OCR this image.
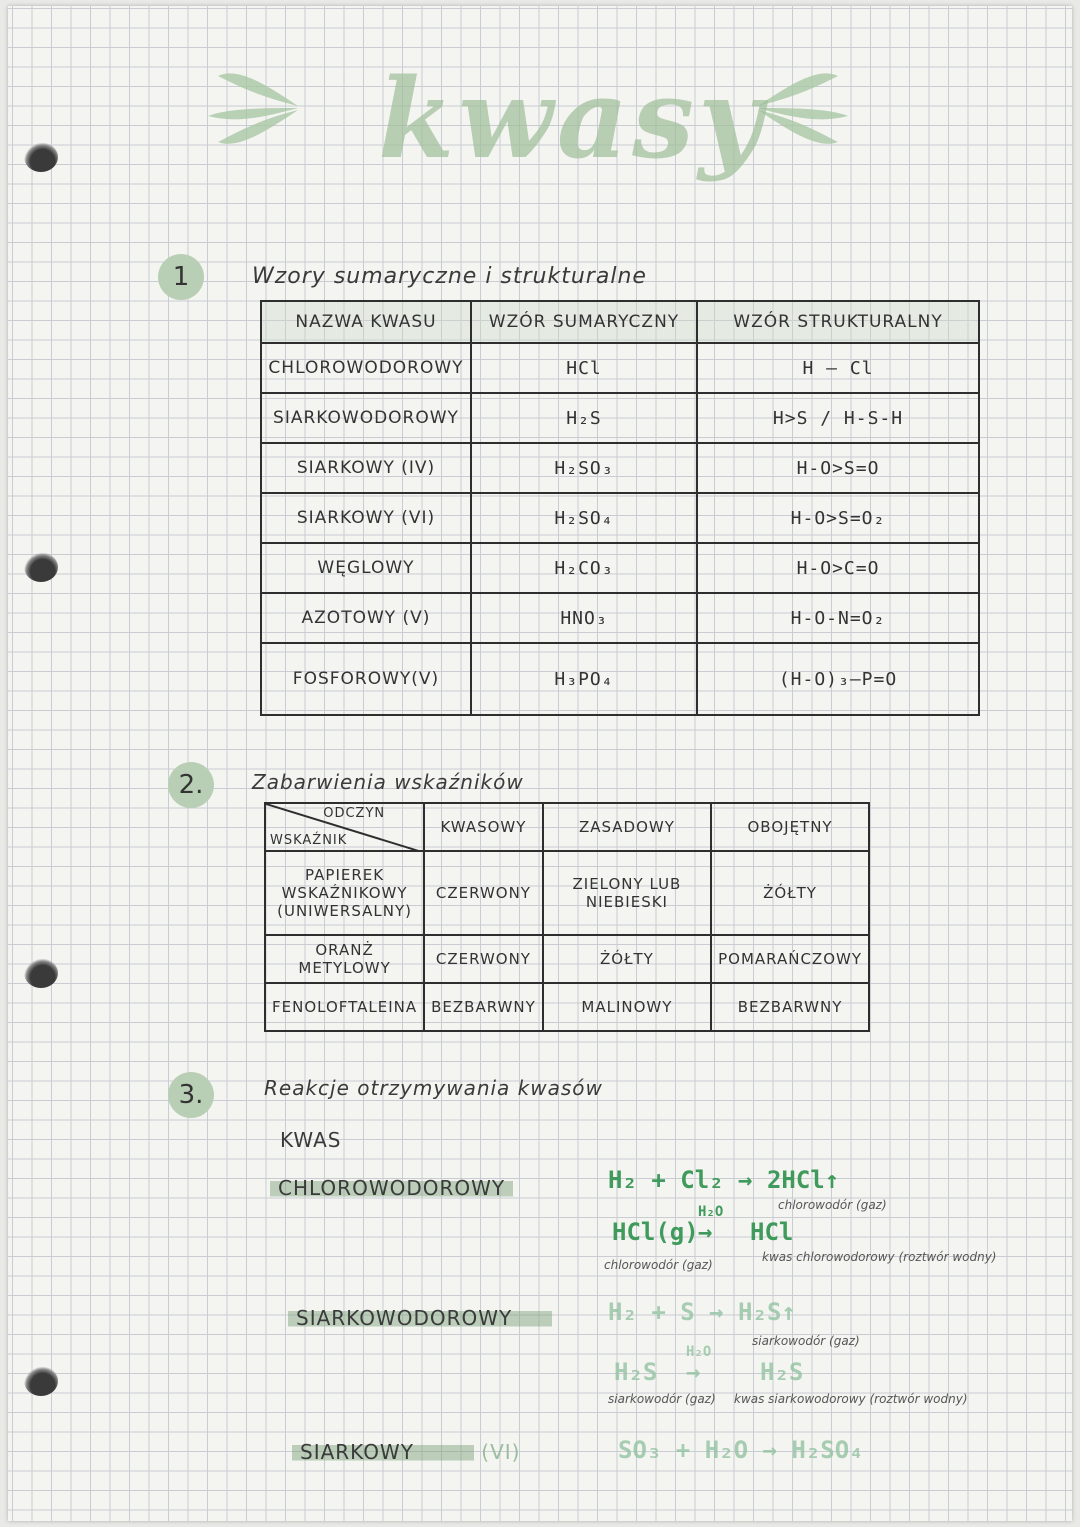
kwasy
1	Wzory sumaryczne i strukturalne
NAZWA KWASU	WZÓR SUMARYCZNY	WZÓR STRUKTURALNY
CHLOROWODOROWY	HCl	H — Cl
SIARKOWODOROWY	H₂S	H>S / H-S-H
SIARKOWY (IV)	H₂SO₃	H-O>S=O
SIARKOWY (VI)	H₂SO₄	H-O>S=O₂
WĘGLOWY	H₂CO₃	H-O>C=O
AZOTOWY (V)	HNO₃	H-O-N=O₂
FOSFOROWY(V)	H₃PO₄	(H-O)₃—P=O
2.	Zabarwienia wskaźników
ODCZYN
WSKAŹNIK	KWASOWY	ZASADOWY	OBOJĘTNY
PAPIEREK WSKAŹNIKOWY (UNIWERSALNY)	CZERWONY	ZIELONY LUB NIEBIESKI	ŻÓŁTY
ORANŻ METYLOWY	CZERWONY	ŻÓŁTY	POMARAŃCZOWY
FENOLOFTALEINA	BEZBARWNY	MALINOWY	BEZBARWNY
3.	Reakcje otrzymywania kwasów
KWAS
CHLOROWODOROWY	H₂ + Cl₂ → 2HCl↑
chlorowodór (gaz)
HCl(g)
H₂O
→ HCl
chlorowodór (gaz)
kwas chlorowodorowy (roztwór wodny)
SIARKOWODOROWY	H₂ + S → H₂S↑
siarkowodór (gaz)
H₂S
H₂O
→ H₂S
siarkowodór (gaz) kwas siarkowodorowy (roztwór wodny)
SIARKOWY	(VI)	SO₃ + H₂O → H₂SO₄
